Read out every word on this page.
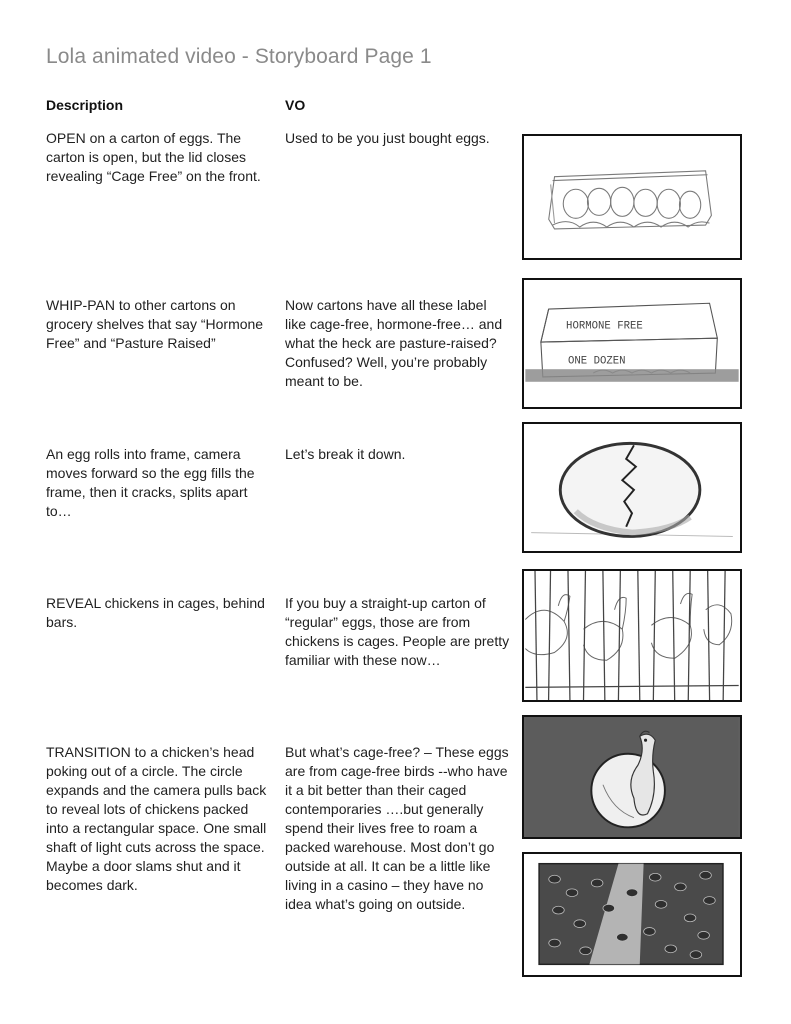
Lola animated video - Storyboard Page 1
Description	VO
OPEN on a carton of eggs. The carton is open, but the lid closes revealing “Cage Free” on the front.
Used to be you just bought eggs.
WHIP-PAN to other cartons on grocery shelves that say “Hormone Free” and “Pasture Raised”
Now cartons have all these label like cage-free, hormone-free… and what the heck are pasture-raised? Confused? Well, you’re probably meant to be.
HORMONE FREE
ONE DOZEN
An egg rolls into frame, camera moves forward so the egg fills the frame, then it cracks, splits apart to…
Let’s break it down.
REVEAL chickens in cages, behind bars.
If you buy a straight-up carton of “regular” eggs, those are from chickens is cages. People are pretty familiar with these now…
TRANSITION to a chicken’s head poking out of a circle. The circle expands and the camera pulls back to reveal lots of chickens packed into a rectangular space. One small shaft of light cuts across the space. Maybe a door slams shut and it becomes dark.
But what’s cage-free? – These eggs are from cage-free birds --who have it a bit better than their caged contemporaries ….but generally spend their lives free to roam a packed warehouse. Most don’t go outside at all. It can be a little like living in a casino – they have no idea what’s going on outside.
